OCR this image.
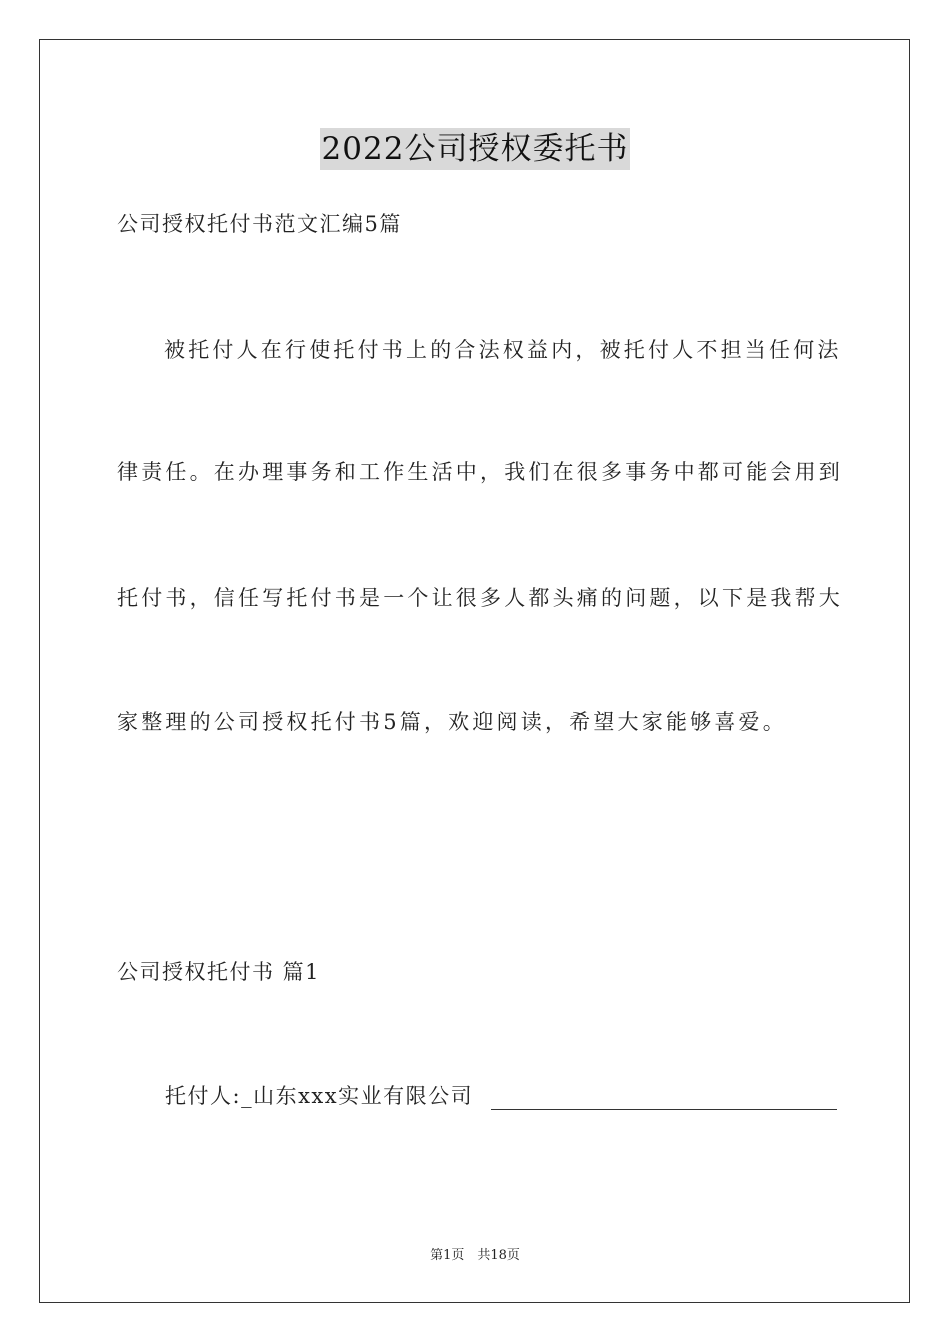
2022公司授权委托书
公司授权托付书范文汇编5篇
被托付人在行使托付书上的合法权益内，被托付人不担当任何法
律责任。在办理事务和工作生活中，我们在很多事务中都可能会用到
托付书，信任写托付书是一个让很多人都头痛的问题，以下是我帮大
家整理的公司授权托付书5篇，欢迎阅读，希望大家能够喜爱。
公司授权托付书 篇1
托付人:_山东xxx实业有限公司
第1页　共18页
